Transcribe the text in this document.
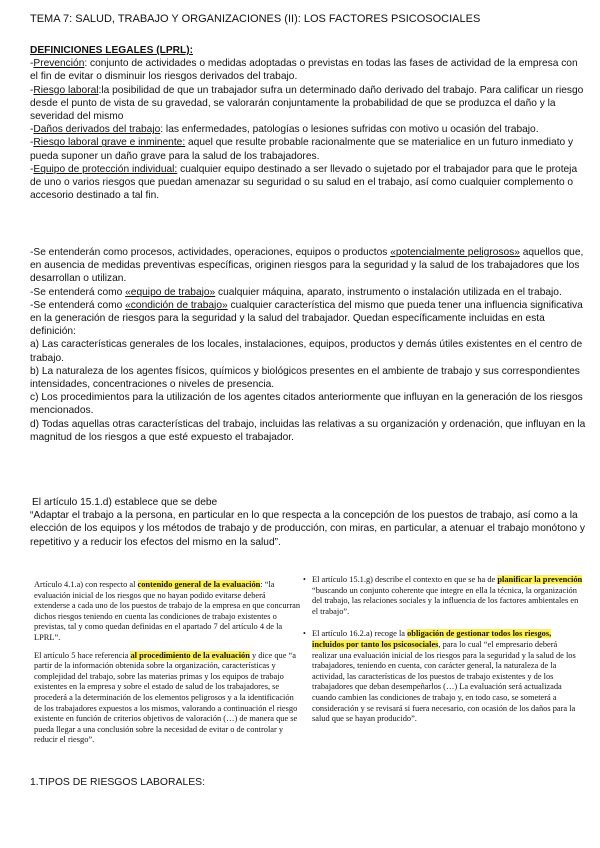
TEMA 7: SALUD, TRABAJO Y ORGANIZACIONES (II): LOS FACTORES PSICOSOCIALES

DEFINICIONES LEGALES (LPRL):

-Prevención: conjunto de actividades o medidas adoptadas o previstas en todas las fases de actividad de la empresa con el fin de evitar o disminuir los riesgos derivados del trabajo.

-Riesgo laboral:la posibilidad de que un trabajador sufra un determinado daño derivado del trabajo. Para calificar un riesgo desde el punto de vista de su gravedad, se valorarán conjuntamente la probabilidad de que se produzca el daño y la severidad del mismo

-Daños derivados del trabajo: las enfermedades, patologías o lesiones sufridas con motivo u ocasión del trabajo.

-Riesgo laboral grave e inminente: aquel que resulte probable racionalmente que se materialice en un futuro inmediato y pueda suponer un daño grave para la salud de los trabajadores.

-Equipo de protección individual: cualquier equipo destinado a ser llevado o sujetado por el trabajador para que le proteja de uno o varios riesgos que puedan amenazar su seguridad o su salud en el trabajo, así como cualquier complemento o accesorio destinado a tal fin.

-Se entenderán como procesos, actividades, operaciones, equipos o productos «potencialmente peligrosos» aquellos que, en ausencia de medidas preventivas específicas, originen riesgos para la seguridad y la salud de los trabajadores que los desarrollan o utilizan.

-Se entenderá como «equipo de trabajo» cualquier máquina, aparato, instrumento o instalación utilizada en el trabajo.

-Se entenderá como «condición de trabajo» cualquier característica del mismo que pueda tener una influencia significativa en la generación de riesgos para la seguridad y la salud del trabajador. Quedan específicamente incluidas en esta definición:

a) Las características generales de los locales, instalaciones, equipos, productos y demás útiles existentes en el centro de trabajo.

b) La naturaleza de los agentes físicos, químicos y biológicos presentes en el ambiente de trabajo y sus correspondientes intensidades, concentraciones o niveles de presencia.

c) Los procedimientos para la utilización de los agentes citados anteriormente que influyan en la generación de los riesgos mencionados.

d) Todas aquellas otras características del trabajo, incluidas las relativas a su organización y ordenación, que influyan en la magnitud de los riesgos a que esté expuesto el trabajador.

El artículo 15.1.d) establece que se debe

“Adaptar el trabajo a la persona, en particular en lo que respecta a la concepción de los puestos de trabajo, así como a la elección de los equipos y los métodos de trabajo y de producción, con miras, en particular, a atenuar el trabajo monótono y repetitivo y a reducir los efectos del mismo en la salud”.

Artículo 4.1.a) con respecto al contenido general de la evaluación: “la evaluación inicial de los riesgos que no hayan podido evitarse deberá extenderse a cada uno de los puestos de trabajo de la empresa en que concurran dichos riesgos teniendo en cuenta las condiciones de trabajo existentes o previstas, tal y como quedan definidas en el apartado 7 del artículo 4 de la LPRL”.

El artículo 5 hace referencia al procedimiento de la evaluación y dice que “a partir de la información obtenida sobre la organización, características y complejidad del trabajo, sobre las materias primas y los equipos de trabajo existentes en la empresa y sobre el estado de salud de los trabajadores, se procederá a la determinación de los elementos peligrosos y a la identificación de los trabajadores expuestos a los mismos, valorando a continuación el riesgo existente en función de criterios objetivos de valoración (…) de manera que se pueda llegar a una conclusión sobre la necesidad de evitar o de controlar y reducir el riesgo”.

• El artículo 15.1.g) describe el contexto en que se ha de planificar la prevención “buscando un conjunto coherente que integre en ella la técnica, la organización del trabajo, las relaciones sociales y la influencia de los factores ambientales en el trabajo”.

• El artículo 16.2.a) recoge la obligación de gestionar todos los riesgos, incluidos por tanto los psicosociales, para lo cual “el empresario deberá realizar una evaluación inicial de los riesgos para la seguridad y la salud de los trabajadores, teniendo en cuenta, con carácter general, la naturaleza de la actividad, las características de los puestos de trabajo existentes y de los trabajadores que deban desempeñarlos (…) La evaluación será actualizada cuando cambien las condiciones de trabajo y, en todo caso, se someterá a consideración y se revisará si fuera necesario, con ocasión de los daños para la salud que se hayan producido”.

1.TIPOS DE RIESGOS LABORALES:
